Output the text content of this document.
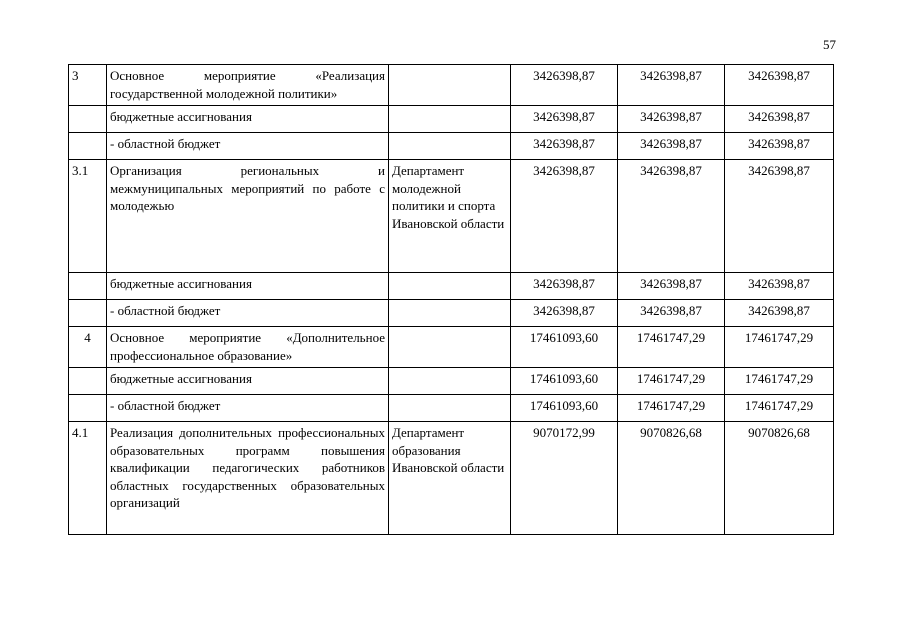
57
3	Основное мероприятие «Реализация государственной молодежной политики»		3426398,87	3426398,87	3426398,87
	бюджетные ассигнования		3426398,87	3426398,87	3426398,87
	- областной бюджет		3426398,87	3426398,87	3426398,87
3.1	Организация региональных и межмуниципальных мероприятий по работе с молодежью	Департамент молодежной политики и спорта Ивановской области	3426398,87	3426398,87	3426398,87
	бюджетные ассигнования		3426398,87	3426398,87	3426398,87
	- областной бюджет		3426398,87	3426398,87	3426398,87
4	Основное мероприятие «Дополнительное профессиональное образование»		17461093,60	17461747,29	17461747,29
	бюджетные ассигнования		17461093,60	17461747,29	17461747,29
	- областной бюджет		17461093,60	17461747,29	17461747,29
4.1	Реализация дополнительных профессиональных образовательных программ повышения квалификации педагогических работников областных государственных образовательных организаций	Департамент образования Ивановской области	9070172,99	9070826,68	9070826,68
